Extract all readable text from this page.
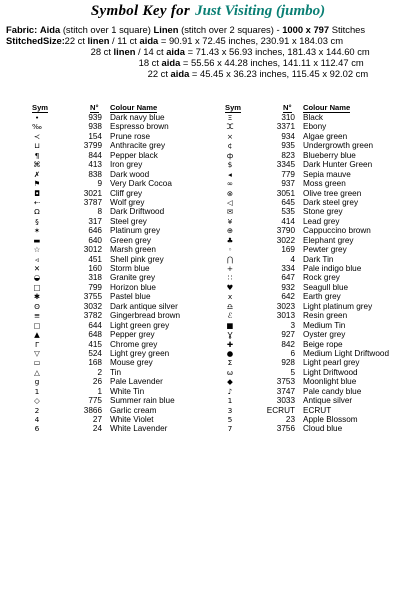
Symbol Key for Just Visiting (jumbo)
Fabric: Aida (stitch over 1 square) Linen (stitch over 2 squares) - 1000 x 797 Stitches
StitchedSize: 22 ct linen / 11 ct aida = 90.91 x 72.45 inches, 230.91 x 184.03 cm
28 ct linen / 14 ct aida = 71.43 x 56.93 inches, 181.43 x 144.60 cm
18 ct aida = 55.56 x 44.28 inches, 141.11 x 112.47 cm
22 ct aida = 45.45 x 36.23 inches, 115.45 x 92.02 cm
Sym	N° Colour Name
•	939 Dark navy blue
‰	938 Espresso brown
≺	154 Prune rose
⊔	3799 Anthracite grey
¶	844 Pepper black
⌘	413 Iron grey
✗	838 Dark wood
⚑	9 Very Dark Cocoa
◘	3021 Cliff grey
⇠	3787 Wolf grey
Ω	8 Dark Driftwood
§	317 Steel grey
✶	646 Platinum grey
▬	640 Green grey
☆	3012 Marsh green
◃	451 Shell pink grey
✕	160 Storm blue
◒	318 Granite grey
□	799 Horizon blue
✱	3755 Pastel blue
ʘ	3032 Dark antique silver
≡	3782 Gingerbread brown
▢	644 Light green grey
▲	648 Pepper grey
Γ	415 Chrome grey
▽	524 Light grey green
▭	168 Mouse grey
△	2 Tin
g	26 Pale Lavender
1	1 White Tin
◇	775 Summer rain blue
2	3866 Garlic cream
4	27 White Violet
6	24 White Lavender
Sym	N° Colour Name
Ξ	310 Black
ⵋ	3371 Ebony
×	934 Algae green
¢	935 Undergrowth green
ф	823 Blueberry blue
$	3345 Dark Hunter Green
◂	779 Sepia mauve
∞	937 Moss green
⊗	3051 Olive tree green
◁	645 Dark steel grey
✉	535 Stone grey
¥	414 Lead grey
⊕	3790 Cappuccino brown
♣	3022 Elephant grey
◦	169 Pewter grey
⋂	4 Dark Tin
+	334 Pale indigo blue
∷	647 Rock grey
♥	932 Seagull blue
x	642 Earth grey
♎	3023 Light platinum grey
ℰ	3013 Resin green
■	3 Medium Tin
Ɣ	927 Oyster grey
✚	842 Beige rope
●	6 Medium Light Driftwood
Σ	928 Light pearl grey
ω	5 Light Driftwood
◆	3753 Moonlight blue
♪	3747 Pale candy blue
1	3033 Antique silver
3	ECRUT ECRUT
5	23 Apple Blossom
7	3756 Cloud blue
